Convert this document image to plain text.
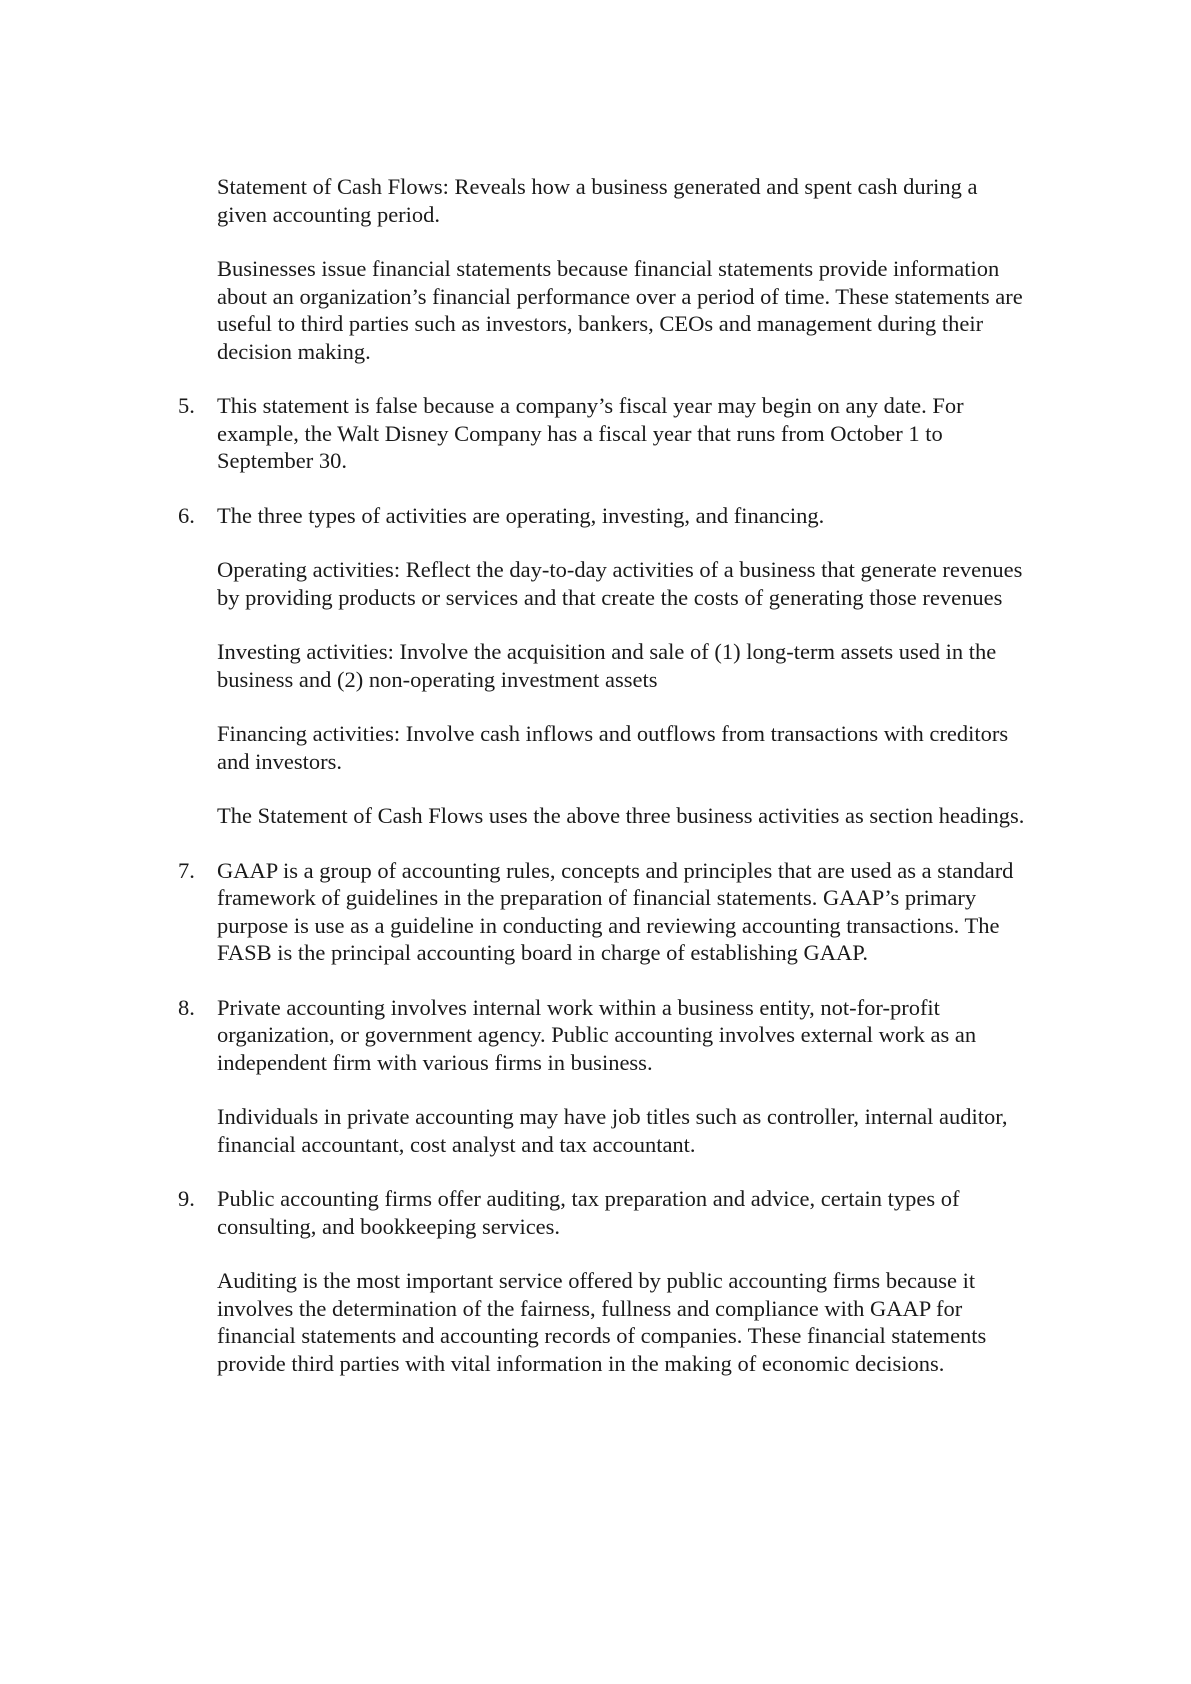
Statement of Cash Flows: Reveals how a business generated and spent cash during a
given accounting period.
Businesses issue financial statements because financial statements provide information
about an organization’s financial performance over a period of time. These statements are
useful to third parties such as investors, bankers, CEOs and management during their
decision making.
5. This statement is false because a company’s fiscal year may begin on any date. For
example, the Walt Disney Company has a fiscal year that runs from October 1 to
September 30.
6. The three types of activities are operating, investing, and financing.
Operating activities: Reflect the day-to-day activities of a business that generate revenues
by providing products or services and that create the costs of generating those revenues
Investing activities: Involve the acquisition and sale of (1) long-term assets used in the
business and (2) non-operating investment assets
Financing activities: Involve cash inflows and outflows from transactions with creditors
and investors.
The Statement of Cash Flows uses the above three business activities as section headings.
7. GAAP is a group of accounting rules, concepts and principles that are used as a standard
framework of guidelines in the preparation of financial statements. GAAP’s primary
purpose is use as a guideline in conducting and reviewing accounting transactions. The
FASB is the principal accounting board in charge of establishing GAAP.
8. Private accounting involves internal work within a business entity, not-for-profit
organization, or government agency. Public accounting involves external work as an
independent firm with various firms in business.
Individuals in private accounting may have job titles such as controller, internal auditor,
financial accountant, cost analyst and tax accountant.
9. Public accounting firms offer auditing, tax preparation and advice, certain types of
consulting, and bookkeeping services.
Auditing is the most important service offered by public accounting firms because it
involves the determination of the fairness, fullness and compliance with GAAP for
financial statements and accounting records of companies. These financial statements
provide third parties with vital information in the making of economic decisions.
